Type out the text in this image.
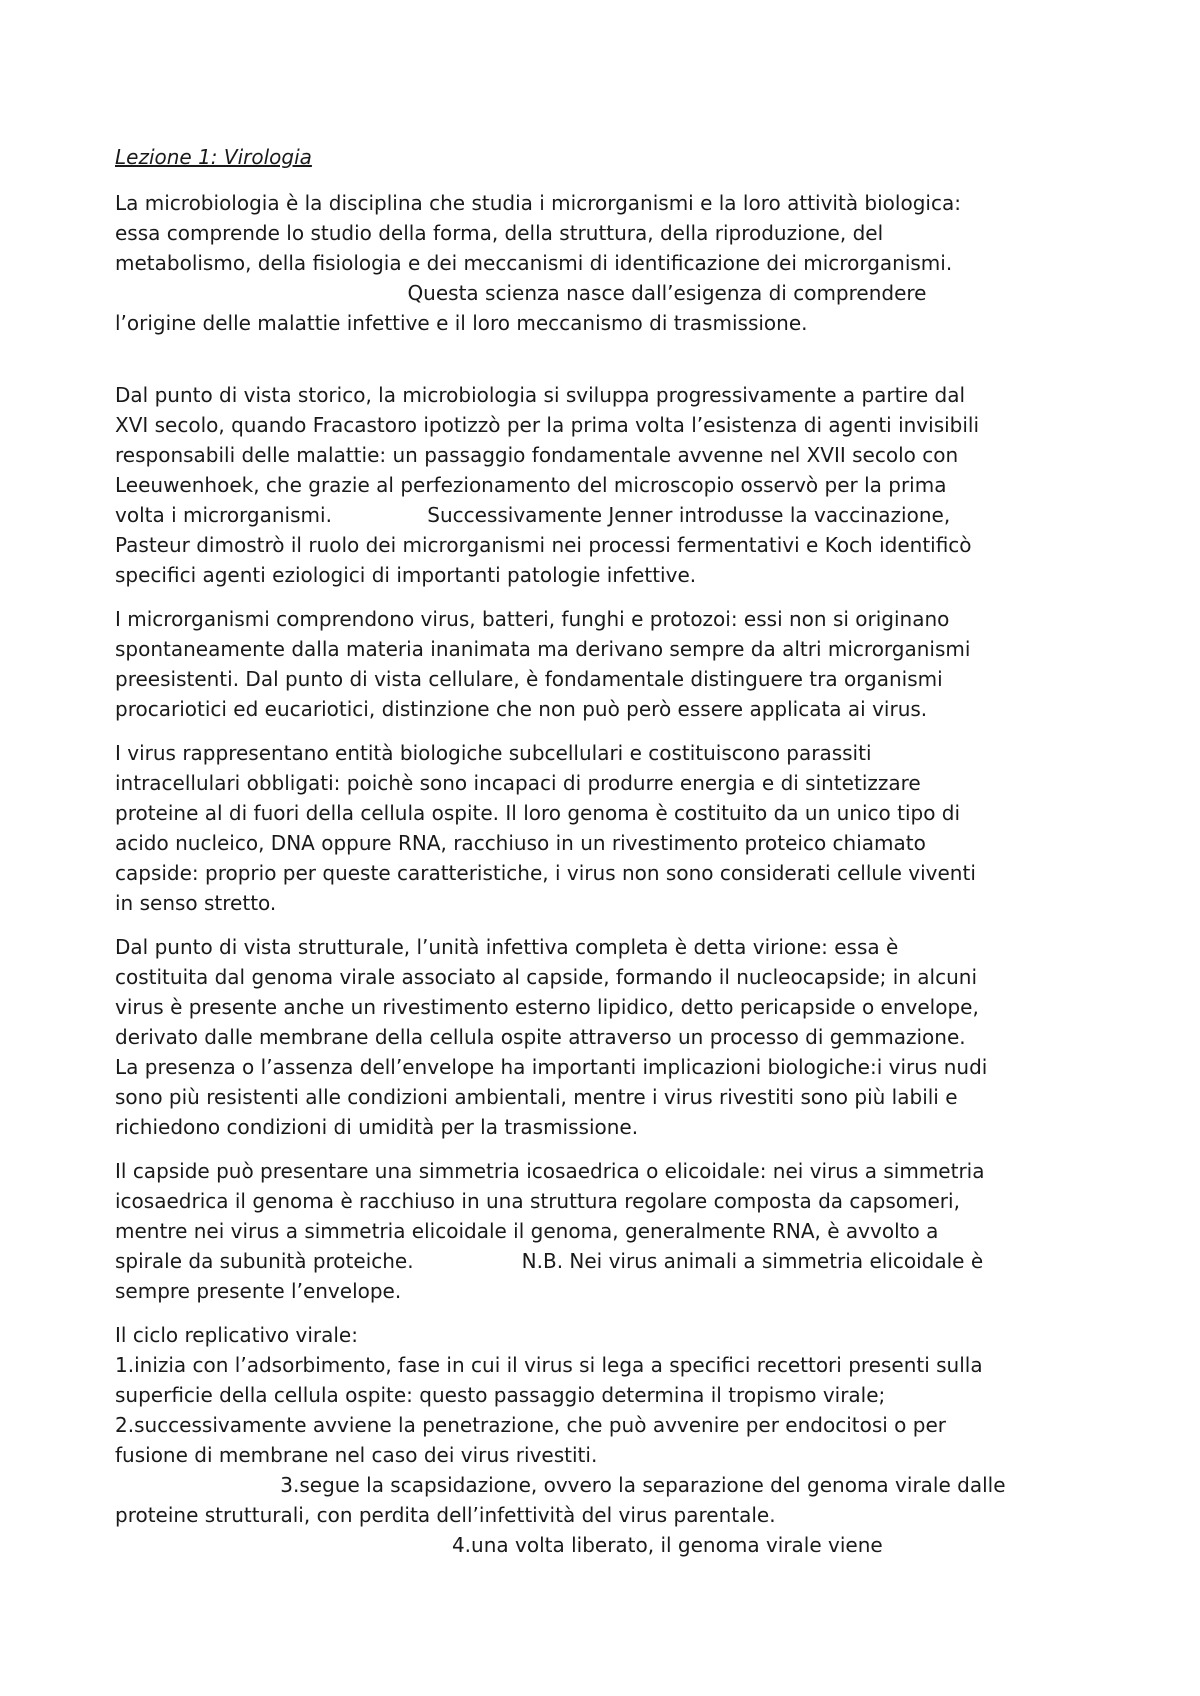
Lezione 1: Virologia
La microbiologia è la disciplina che studia i microrganismi e la loro attività biologica:
essa comprende lo studio della forma, della struttura, della riproduzione, del
metabolismo, della fisiologia e dei meccanismi di identificazione dei microrganismi.
Questa scienza nasce dall’esigenza di comprendere
l’origine delle malattie infettive e il loro meccanismo di trasmissione.
Dal punto di vista storico, la microbiologia si sviluppa progressivamente a partire dal
XVI secolo, quando Fracastoro ipotizzò per la prima volta l’esistenza di agenti invisibili
responsabili delle malattie: un passaggio fondamentale avvenne nel XVII secolo con
Leeuwenhoek, che grazie al perfezionamento del microscopio osservò per la prima
volta i microrganismi.               Successivamente Jenner introdusse la vaccinazione,
Pasteur dimostrò il ruolo dei microrganismi nei processi fermentativi e Koch identificò
specifici agenti eziologici di importanti patologie infettive.
I microrganismi comprendono virus, batteri, funghi e protozoi: essi non si originano
spontaneamente dalla materia inanimata ma derivano sempre da altri microrganismi
preesistenti. Dal punto di vista cellulare, è fondamentale distinguere tra organismi
procariotici ed eucariotici, distinzione che non può però essere applicata ai virus.
I virus rappresentano entità biologiche subcellulari e costituiscono parassiti
intracellulari obbligati: poichè sono incapaci di produrre energia e di sintetizzare
proteine al di fuori della cellula ospite. Il loro genoma è costituito da un unico tipo di
acido nucleico, DNA oppure RNA, racchiuso in un rivestimento proteico chiamato
capside: proprio per queste caratteristiche, i virus non sono considerati cellule viventi
in senso stretto.
Dal punto di vista strutturale, l’unità infettiva completa è detta virione: essa è
costituita dal genoma virale associato al capside, formando il nucleocapside; in alcuni
virus è presente anche un rivestimento esterno lipidico, detto pericapside o envelope,
derivato dalle membrane della cellula ospite attraverso un processo di gemmazione.
La presenza o l’assenza dell’envelope ha importanti implicazioni biologiche:i virus nudi
sono più resistenti alle condizioni ambientali, mentre i virus rivestiti sono più labili e
richiedono condizioni di umidità per la trasmissione.
Il capside può presentare una simmetria icosaedrica o elicoidale: nei virus a simmetria
icosaedrica il genoma è racchiuso in una struttura regolare composta da capsomeri,
mentre nei virus a simmetria elicoidale il genoma, generalmente RNA, è avvolto a
spirale da subunità proteiche.                 N.B. Nei virus animali a simmetria elicoidale è
sempre presente l’envelope.
Il ciclo replicativo virale:
1.inizia con l’adsorbimento, fase in cui il virus si lega a specifici recettori presenti sulla
superficie della cellula ospite: questo passaggio determina il tropismo virale;
2.successivamente avviene la penetrazione, che può avvenire per endocitosi o per
fusione di membrane nel caso dei virus rivestiti.
3.segue la scapsidazione, ovvero la separazione del genoma virale dalle
proteine strutturali, con perdita dell’infettività del virus parentale.
4.una volta liberato, il genoma virale viene
